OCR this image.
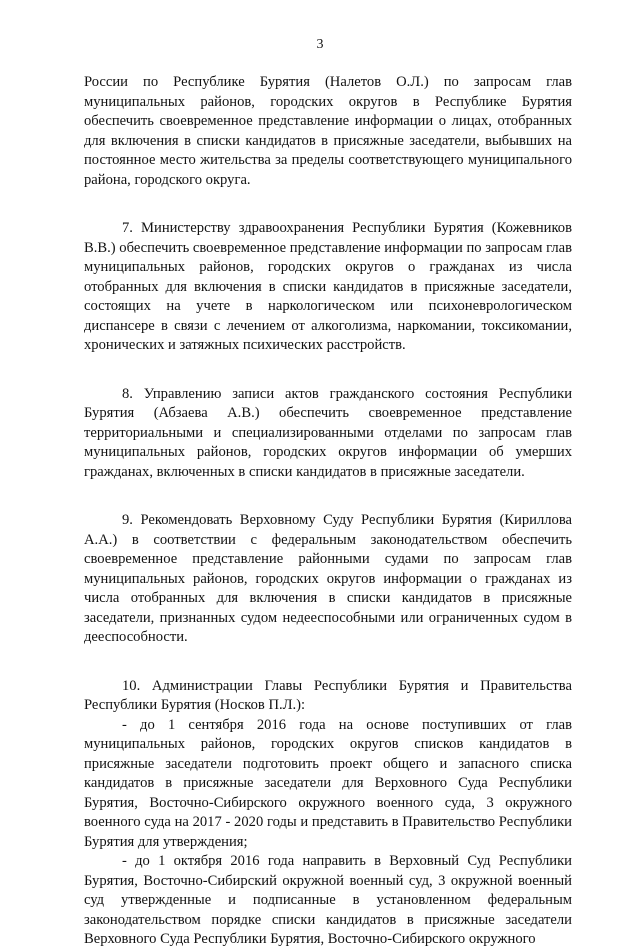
3

России по Республике Бурятия (Налетов О.Л.) по запросам глав муниципальных районов, городских округов в Республике Бурятия обеспечить своевременное представление информации о лицах, отобранных для включения в списки кандидатов в присяжные заседатели, выбывших на постоянное место жительства за пределы соответствующего муниципального района, городского округа.

7. Министерству здравоохранения Республики Бурятия (Кожевников В.В.) обеспечить своевременное представление информации по запросам глав муниципальных районов, городских округов о гражданах из числа отобранных для включения в списки кандидатов в присяжные заседатели, состоящих на учете в наркологическом или психоневрологическом диспансере в связи с лечением от алкоголизма, наркомании, токсикомании, хронических и затяжных психических расстройств.

8. Управлению записи актов гражданского состояния Республики Бурятия (Абзаева А.В.) обеспечить своевременное представление территориальными и специализированными отделами по запросам глав муниципальных районов, городских округов информации об умерших гражданах, включенных в списки кандидатов в присяжные заседатели.

9. Рекомендовать Верховному Суду Республики Бурятия (Кириллова А.А.) в соответствии с федеральным законодательством обеспечить своевременное представление районными судами по запросам глав муниципальных районов, городских округов информации о гражданах из числа отобранных для включения в списки кандидатов в присяжные заседатели, признанных судом недееспособными или ограниченных судом в дееспособности.

10. Администрации Главы Республики Бурятия и Правительства Республики Бурятия (Носков П.Л.):

- до 1 сентября 2016 года на основе поступивших от глав муниципальных районов, городских округов списков кандидатов в присяжные заседатели подготовить проект общего и запасного списка кандидатов в присяжные заседатели для Верховного Суда Республики Бурятия, Восточно-Сибирского окружного военного суда, 3 окружного военного суда на 2017 - 2020 годы и представить в Правительство Республики Бурятия для утверждения;

- до 1 октября 2016 года направить в Верховный Суд Республики Бурятия, Восточно-Сибирский окружной военный суд, 3 окружной военный суд утвержденные и подписанные в установленном федеральным законодательством порядке списки кандидатов в присяжные заседатели Верховного Суда Республики Бурятия, Восточно-Сибирского окружного
